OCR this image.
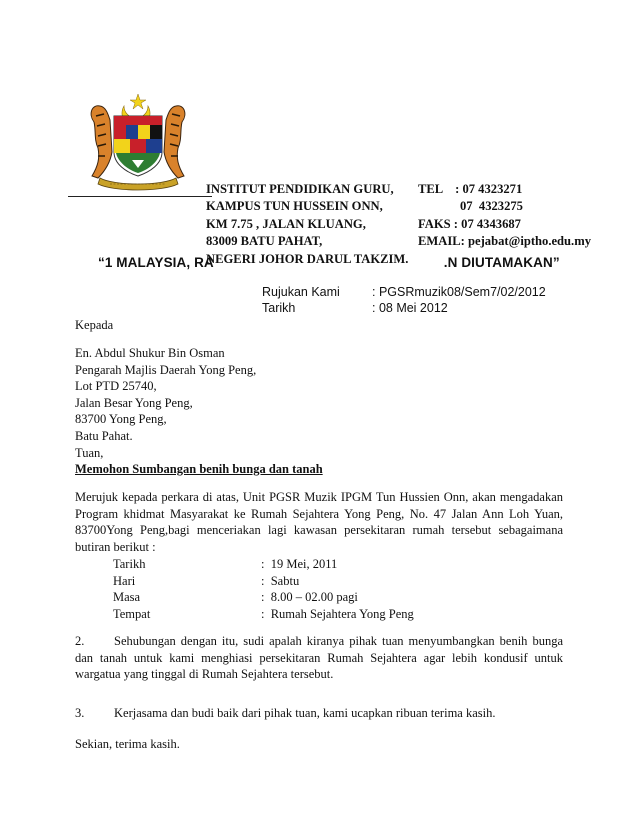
INSTITUT PENDIDIKAN GURU,
KAMPUS TUN HUSSEIN ONN,
KM 7.75 , JALAN KLUANG,
83009 BATU PAHAT,
NEGERI JOHOR DARUL TAKZIM.
TEL    : 07 4323271
07  4323275
FAKS : 07 4343687
EMAIL: pejabat@iptho.edu.my
“1 MALAYSIA, RA	.N DIUTAMAKAN”
Rujukan Kami	: PGSRmuzik08/Sem7/02/2012
Tarikh	: 08 Mei 2012
Kepada
En. Abdul Shukur Bin Osman
Pengarah Majlis Daerah Yong Peng,
Lot PTD 25740,
Jalan Besar Yong Peng,
83700 Yong Peng,
Batu Pahat.
Tuan,
Memohon Sumbangan benih bunga dan tanah
Merujuk kepada perkara di atas, Unit PGSR Muzik IPGM Tun Hussien Onn, akan mengadakan Program khidmat Masyarakat ke Rumah Sejahtera Yong Peng, No. 47 Jalan Ann Loh Yuan, 83700Yong Peng,bagi menceriakan lagi kawasan persekitaran rumah tersebut sebagaimana butiran berikut :
Tarikh	:  19 Mei, 2011
Hari	:  Sabtu
Masa	:  8.00 – 02.00 pagi
Tempat	:  Rumah Sejahtera Yong Peng
2. Sehubungan dengan itu, sudi apalah kiranya pihak tuan menyumbangkan benih bunga dan tanah untuk kami menghiasi persekitaran Rumah Sejahtera agar lebih kondusif untuk wargatua yang tinggal di Rumah Sejahtera tersebut.
3. Kerjasama dan budi baik dari pihak tuan, kami ucapkan ribuan terima kasih.
Sekian, terima kasih.
